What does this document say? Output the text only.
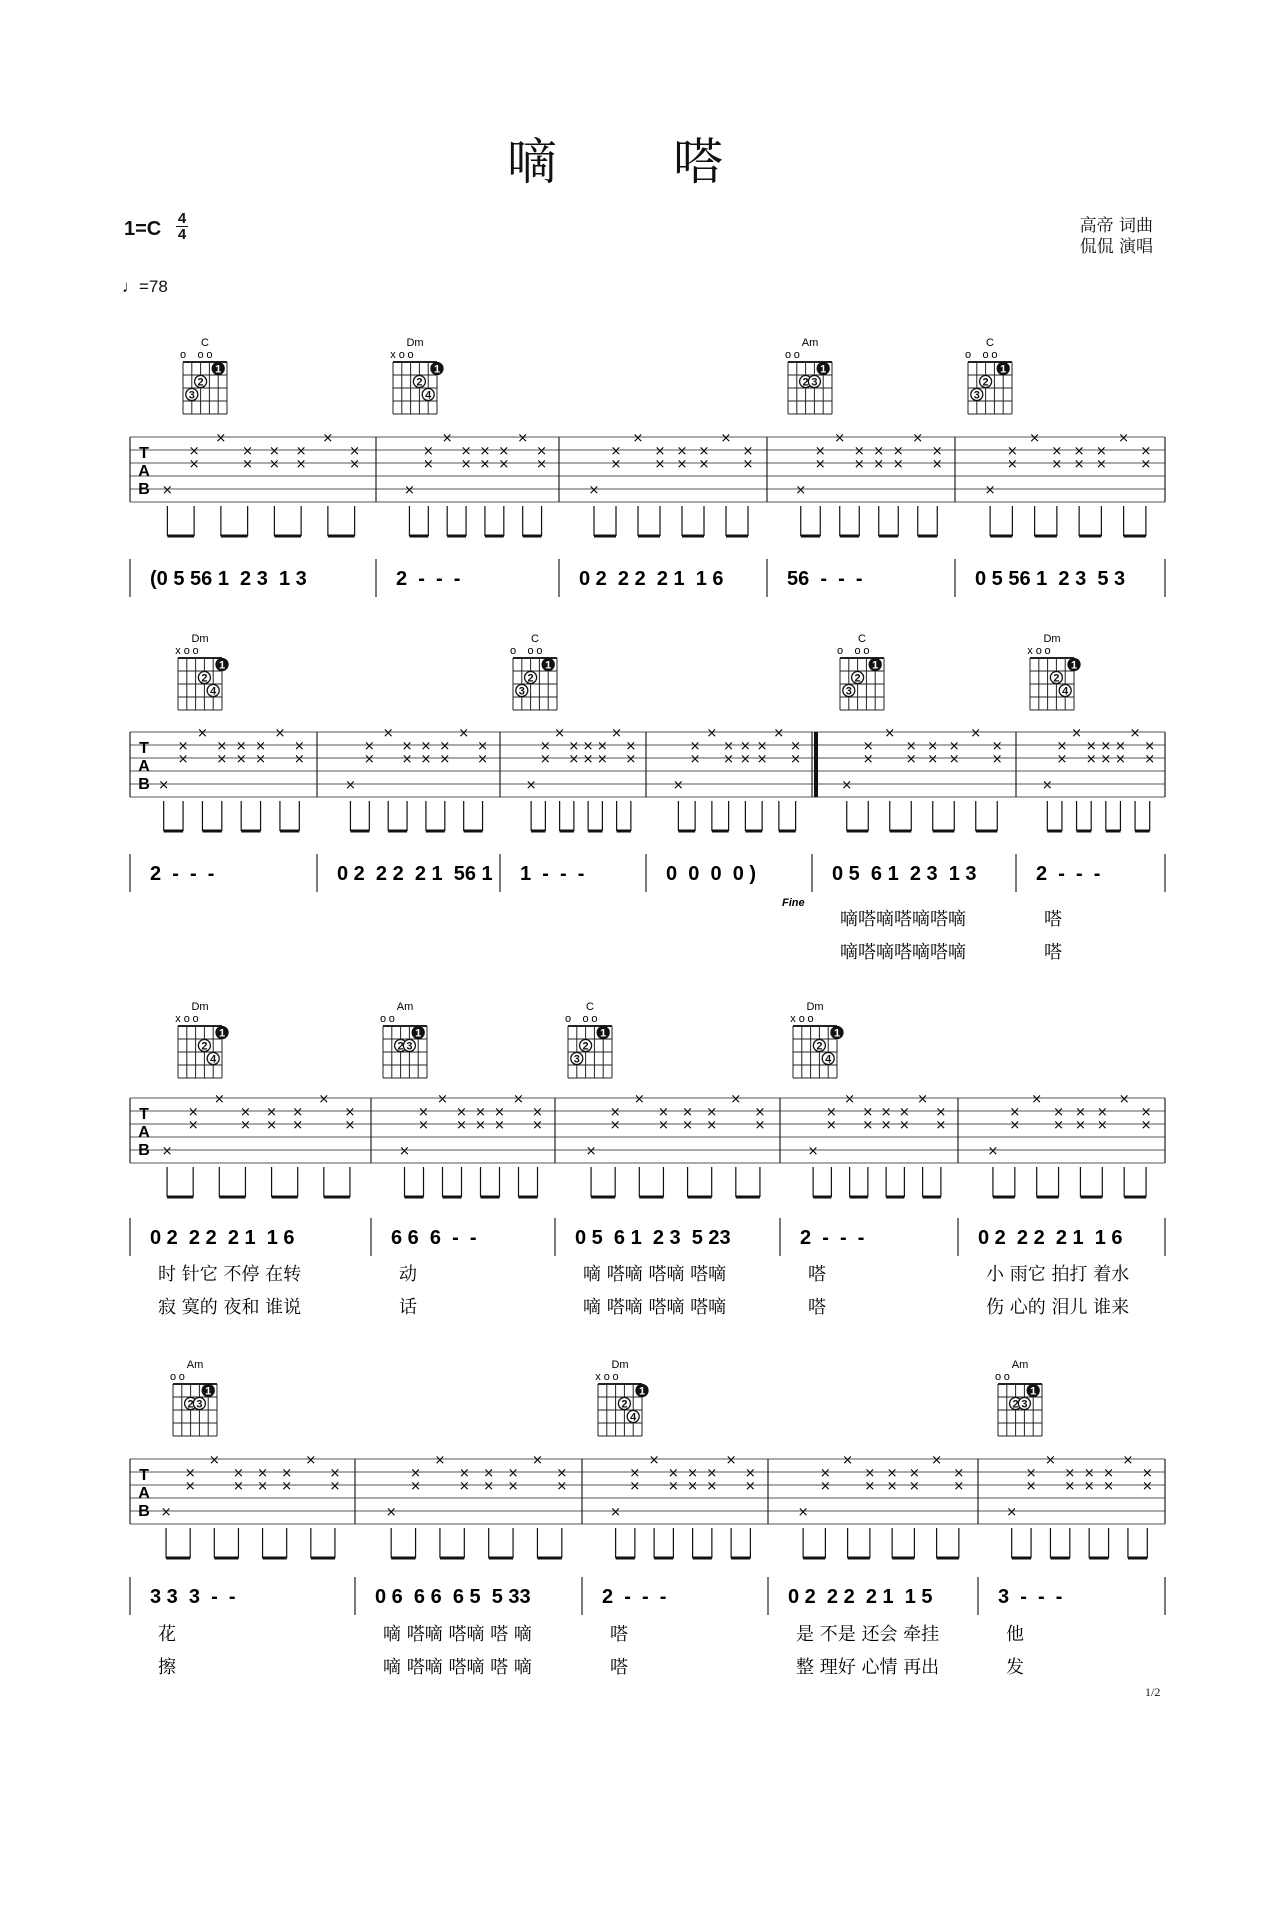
嘀 嗒
1=C 4
4
♩=78
高帝 词曲
侃侃 演唱
T
A
B ×
×
×
×
×
×
×
×
×
×
×
×
×
×
×
×
×
×
×
×
×
×
×
×
×
×
×
×
×
×
×
×
×
×
×
×
×
×
×
×
×
×
×
×
×
×
×
×
×
×
×
×
×
×
×
×
×
×
×
×
×
×
×
×
×
(0 5 56 1  2 3  1 3	2  -  -  -	0 2  2 2  2 1  1 6	56  -  -  -	0 5 56 1  2 3  5 3
C
o o o
1
2
3
Dm
x o o
1
2
4
Am
o o
1
2 3
C
o o o
1
2
3
T
A
B ×
×
×
×
×
×
×
×
×
×
×
×
×
×
×
×
×
×
×
×
×
×
×
×
×
×
×
×
×
×
×
×
×
×
×
×
×
×
×
×
×
×
×
×
×
×
×
×
×
×
×
×
×
×
×
×
×
×
×
×
×
×
×
×
×
×
×
×
×
×
×
×
×
×
×
×
×
×
2  -  -  -	0 2  2 2  2 1  56 1 1  -  -  -	0  0  0  0 )	0 5  6 1  2 3  1 3	2  -  -  -
嘀嗒嘀嗒嘀嗒嘀	嗒
嘀嗒嘀嗒嘀嗒嘀	嗒
Fine
Dm
x o o
1
2
4
C
o o o
1
2
3
C
o o o
1
2
3
Dm
x o o
1
2
4
T
A
B ×
×
×
×
×
×
×
×
×
×
×
×
×
×
×
×
×
×
×
×
×
×
×
×
×
×
×
×
×
×
×
×
×
×
×
×
×
×
×
×
×
×
×
×
×
×
×
×
×
×
×
×
×
×
×
×
×
×
×
×
×
×
×
×
×
0 2  2 2  2 1  1 6	6 6  6  -  -	0 5  6 1  2 3  5 23	2  -  -  -	0 2  2 2  2 1  1 6
时 针它 不停 在转	动	嘀 嗒嘀 嗒嘀 嗒嘀	嗒	小 雨它 拍打 着水
寂 寞的 夜和 谁说	话	嘀 嗒嘀 嗒嘀 嗒嘀	嗒	伤 心的 泪儿 谁来
Dm
x o o
1
2
4
Am
o o
1
2 3
C
o o o
1
2
3
Dm
x o o
1
2
4
T
A
B ×
×
×
×
×
×
×
×
×
×
×
×
×
×
×
×
×
×
×
×
×
×
×
×
×
×
×
×
×
×
×
×
×
×
×
×
×
×
×
×
×
×
×
×
×
×
×
×
×
×
×
×
×
×
×
×
×
×
×
×
×
×
×
×
×
3 3  3  -  -	0 6  6 6  6 5  5 33	2  -  -  -	0 2  2 2  2 1  1 5	3  -  -  -
花	嘀 嗒嘀 嗒嘀 嗒 嘀	嗒	是 不是 还会 牵挂	他
擦	嘀 嗒嘀 嗒嘀 嗒 嘀	嗒	整 理好 心情 再出	发
Am
o o
1
2 3
Dm
x o o
1
2
4
Am
o o
1
2 3
1/2
